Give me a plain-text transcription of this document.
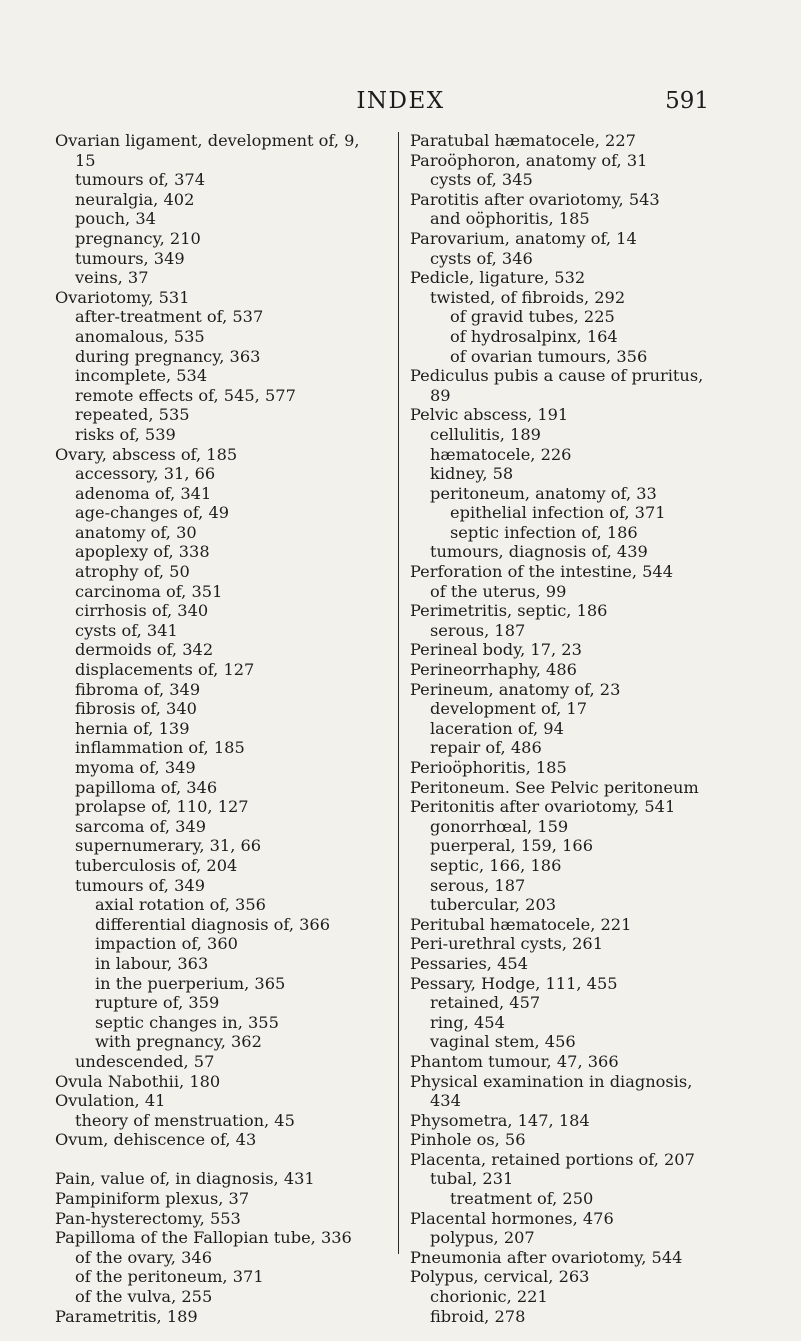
INDEX	591
Ovarian ligament, development of, 9,
15
tumours of, 374
neuralgia, 402
pouch, 34
pregnancy, 210
tumours, 349
veins, 37
Ovariotomy, 531
after-treatment of, 537
anomalous, 535
during pregnancy, 363
incomplete, 534
remote effects of, 545, 577
repeated, 535
risks of, 539
Ovary, abscess of, 185
accessory, 31, 66
adenoma of, 341
age-changes of, 49
anatomy of, 30
apoplexy of, 338
atrophy of, 50
carcinoma of, 351
cirrhosis of, 340
cysts of, 341
dermoids of, 342
displacements of, 127
fibroma of, 349
fibrosis of, 340
hernia of, 139
inflammation of, 185
myoma of, 349
papilloma of, 346
prolapse of, 110, 127
sarcoma of, 349
supernumerary, 31, 66
tuberculosis of, 204
tumours of, 349
axial rotation of, 356
differential diagnosis of, 366
impaction of, 360
in labour, 363
in the puerperium, 365
rupture of, 359
septic changes in, 355
with pregnancy, 362
undescended, 57
Ovula Nabothii, 180
Ovulation, 41
theory of menstruation, 45
Ovum, dehiscence of, 43
Pain, value of, in diagnosis, 431
Pampiniform plexus, 37
Pan-hysterectomy, 553
Papilloma of the Fallopian tube, 336
of the ovary, 346
of the peritoneum, 371
of the vulva, 255
Parametritis, 189
Paratubal hæmatocele, 227
Paroöphoron, anatomy of, 31
cysts of, 345
Parotitis after ovariotomy, 543
and oöphoritis, 185
Parovarium, anatomy of, 14
cysts of, 346
Pedicle, ligature, 532
twisted, of fibroids, 292
of gravid tubes, 225
of hydrosalpinx, 164
of ovarian tumours, 356
Pediculus pubis a cause of pruritus,
89
Pelvic abscess, 191
cellulitis, 189
hæmatocele, 226
kidney, 58
peritoneum, anatomy of, 33
epithelial infection of, 371
septic infection of, 186
tumours, diagnosis of, 439
Perforation of the intestine, 544
of the uterus, 99
Perimetritis, septic, 186
serous, 187
Perineal body, 17, 23
Perineorrhaphy, 486
Perineum, anatomy of, 23
development of, 17
laceration of, 94
repair of, 486
Perioöphoritis, 185
Peritoneum. See Pelvic peritoneum
Peritonitis after ovariotomy, 541
gonorrhœal, 159
puerperal, 159, 166
septic, 166, 186
serous, 187
tubercular, 203
Peritubal hæmatocele, 221
Peri-urethral cysts, 261
Pessaries, 454
Pessary, Hodge, 111, 455
retained, 457
ring, 454
vaginal stem, 456
Phantom tumour, 47, 366
Physical examination in diagnosis,
434
Physometra, 147, 184
Pinhole os, 56
Placenta, retained portions of, 207
tubal, 231
treatment of, 250
Placental hormones, 476
polypus, 207
Pneumonia after ovariotomy, 544
Polypus, cervical, 263
chorionic, 221
fibroid, 278
